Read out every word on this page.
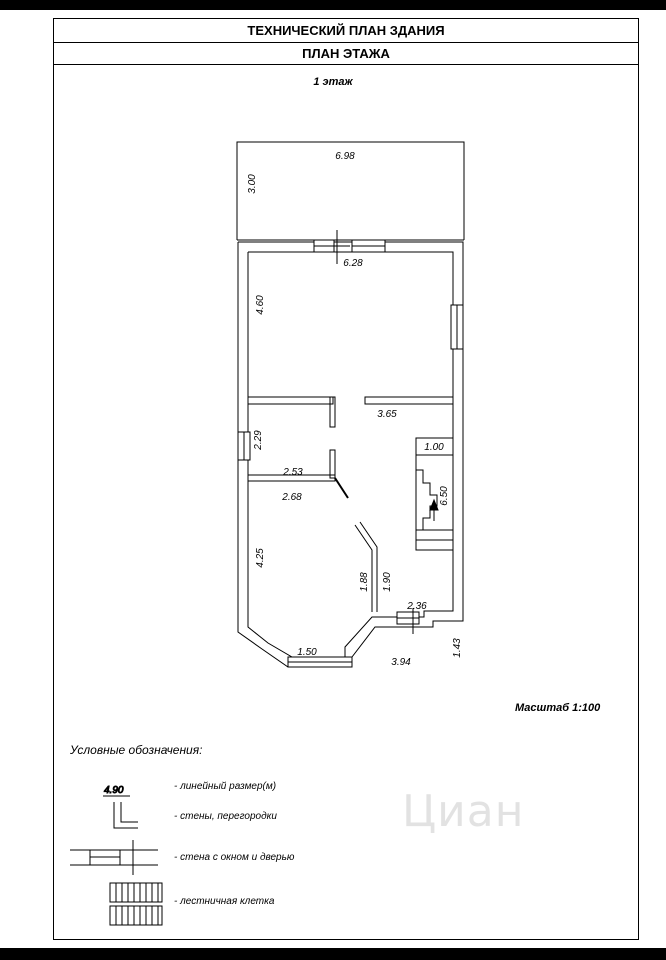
ТЕХНИЧЕСКИЙ ПЛАН ЗДАНИЯ
ПЛАН ЭТАЖА
1 этаж
6.98
3.00
6.28
4.60
3.65
2.29
2.53
2.68
4.25
1.50
1.88 1.90
1.00
6.50
2.36
3.94
1.43
4.90
Масштаб 1:100
Условные обозначения:
- линейный размер(м)
- стены, перегородки
- стена с окном и дверью
- лестничная клетка
Циан
